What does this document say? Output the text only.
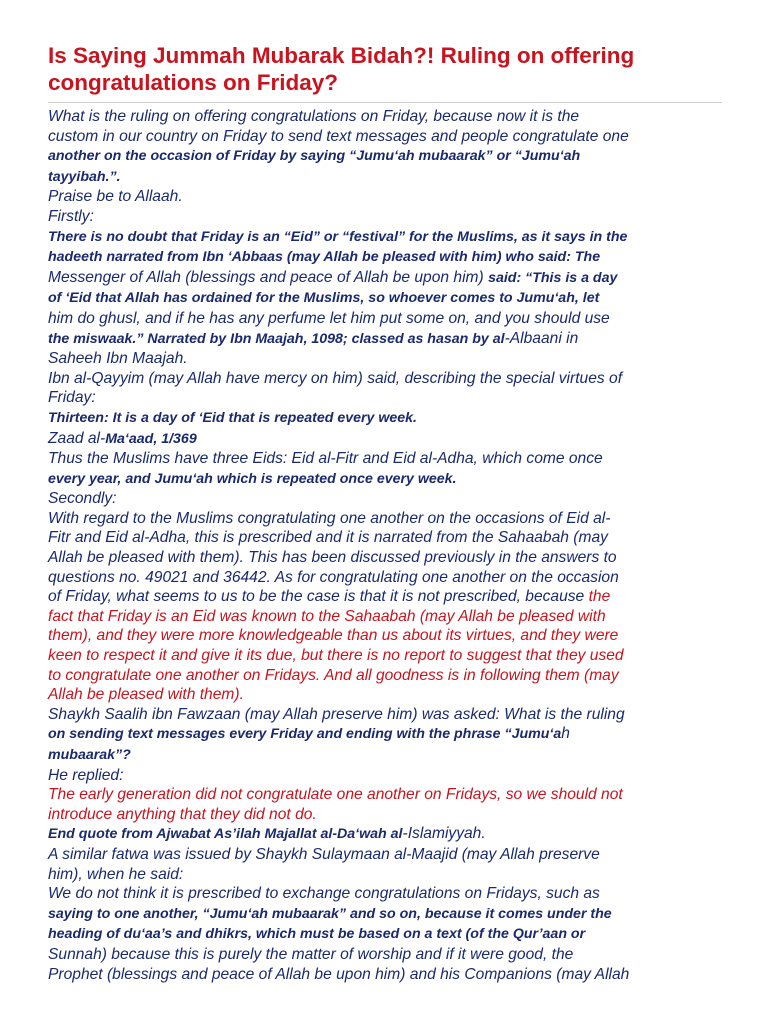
Is Saying Jummah Mubarak Bidah?! Ruling on offering
congratulations on Friday?

What is the ruling on offering congratulations on Friday, because now it is the

custom in our country on Friday to send text messages and people congratulate one

another on the occasion of Friday by saying “Jumu‘ah mubaarak” or “Jumu‘ah

tayyibah.”.

Praise be to Allaah.

Firstly:

There is no doubt that Friday is an “Eid” or “festival” for the Muslims, as it says in the

hadeeth narrated from Ibn ‘Abbaas (may Allah be pleased with him) who said: The

Messenger of Allah (blessings and peace of Allah be upon him) said: “This is a day

of ‘Eid that Allah has ordained for the Muslims, so whoever comes to Jumu‘ah, let

him do ghusl, and if he has any perfume let him put some on, and you should use

the miswaak.” Narrated by Ibn Maajah, 1098; classed as hasan by al-Albaani in

Saheeh Ibn Maajah.

Ibn al-Qayyim (may Allah have mercy on him) said, describing the special virtues of

Friday:

Thirteen: It is a day of ‘Eid that is repeated every week.

Zaad al-Ma‘aad, 1/369

Thus the Muslims have three Eids: Eid al-Fitr and Eid al-Adha, which come once

every year, and Jumu‘ah which is repeated once every week.

Secondly:

With regard to the Muslims congratulating one another on the occasions of Eid al-

Fitr and Eid al-Adha, this is prescribed and it is narrated from the Sahaabah (may

Allah be pleased with them). This has been discussed previously in the answers to

questions no. 49021 and 36442. As for congratulating one another on the occasion

of Friday, what seems to us to be the case is that it is not prescribed, because the

fact that Friday is an Eid was known to the Sahaabah (may Allah be pleased with

them), and they were more knowledgeable than us about its virtues, and they were

keen to respect it and give it its due, but there is no report to suggest that they used

to congratulate one another on Fridays. And all goodness is in following them (may

Allah be pleased with them).

Shaykh Saalih ibn Fawzaan (may Allah preserve him) was asked: What is the ruling

on sending text messages every Friday and ending with the phrase “Jumu‘ah

mubaarak”?

He replied:

The early generation did not congratulate one another on Fridays, so we should not

introduce anything that they did not do.

End quote from Ajwabat As’ilah Majallat al-Da‘wah al-Islamiyyah.

A similar fatwa was issued by Shaykh Sulaymaan al-Maajid (may Allah preserve

him), when he said:

We do not think it is prescribed to exchange congratulations on Fridays, such as

saying to one another, “Jumu‘ah mubaarak” and so on, because it comes under the

heading of du‘aa’s and dhikrs, which must be based on a text (of the Qur’aan or

Sunnah) because this is purely the matter of worship and if it were good, the

Prophet (blessings and peace of Allah be upon him) and his Companions (may Allah
